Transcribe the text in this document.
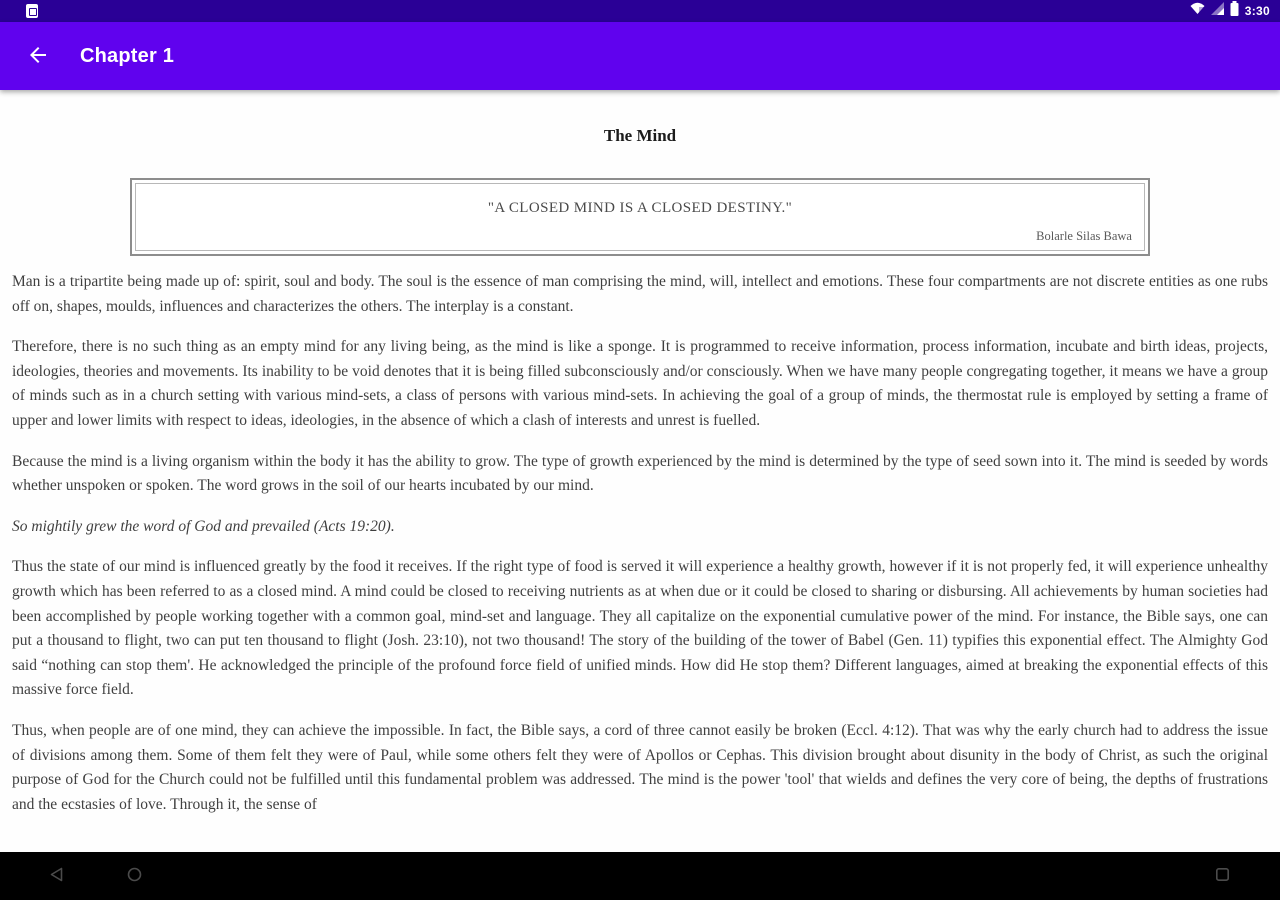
3:30
Chapter 1
The Mind
"A CLOSED MIND IS A CLOSED DESTINY."
Bolarle Silas Bawa

Man is a tripartite being made up of: spirit, soul and body. The soul is the essence of man comprising the mind, will, intellect and emotions. These four compartments are not discrete entities as one rubs off on, shapes, moulds, influences and characterizes the others. The interplay is a constant.

Therefore, there is no such thing as an empty mind for any living being, as the mind is like a sponge. It is programmed to receive information, process information, incubate and birth ideas, projects, ideologies, theories and movements. Its inability to be void denotes that it is being filled subconsciously and/or consciously. When we have many people congregating together, it means we have a group of minds such as in a church setting with various mind-sets, a class of persons with various mind-sets. In achieving the goal of a group of minds, the thermostat rule is employed by setting a frame of upper and lower limits with respect to ideas, ideologies, in the absence of which a clash of interests and unrest is fuelled.

Because the mind is a living organism within the body it has the ability to grow. The type of growth experienced by the mind is determined by the type of seed sown into it. The mind is seeded by words whether unspoken or spoken. The word grows in the soil of our hearts incubated by our mind.

So mightily grew the word of God and prevailed (Acts 19:20).

Thus the state of our mind is influenced greatly by the food it receives. If the right type of food is served it will experience a healthy growth, however if it is not properly fed, it will experience unhealthy growth which has been referred to as a closed mind. A mind could be closed to receiving nutrients as at when due or it could be closed to sharing or disbursing. All achievements by human societies had been accomplished by people working together with a common goal, mind-set and language. They all capitalize on the exponential cumulative power of the mind. For instance, the Bible says, one can put a thousand to flight, two can put ten thousand to flight (Josh. 23:10), not two thousand! The story of the building of the tower of Babel (Gen. 11) typifies this exponential effect. The Almighty God said “nothing can stop them'. He acknowledged the principle of the profound force field of unified minds. How did He stop them? Different languages, aimed at breaking the exponential effects of this massive force field.

Thus, when people are of one mind, they can achieve the impossible. In fact, the Bible says, a cord of three cannot easily be broken (Eccl. 4:12). That was why the early church had to address the issue of divisions among them. Some of them felt they were of Paul, while some others felt they were of Apollos or Cephas. This division brought about disunity in the body of Christ, as such the original purpose of God for the Church could not be fulfilled until this fundamental problem was addressed. The mind is the power 'tool' that wields and defines the very core of being, the depths of frustrations and the ecstasies of love. Through it, the sense of
